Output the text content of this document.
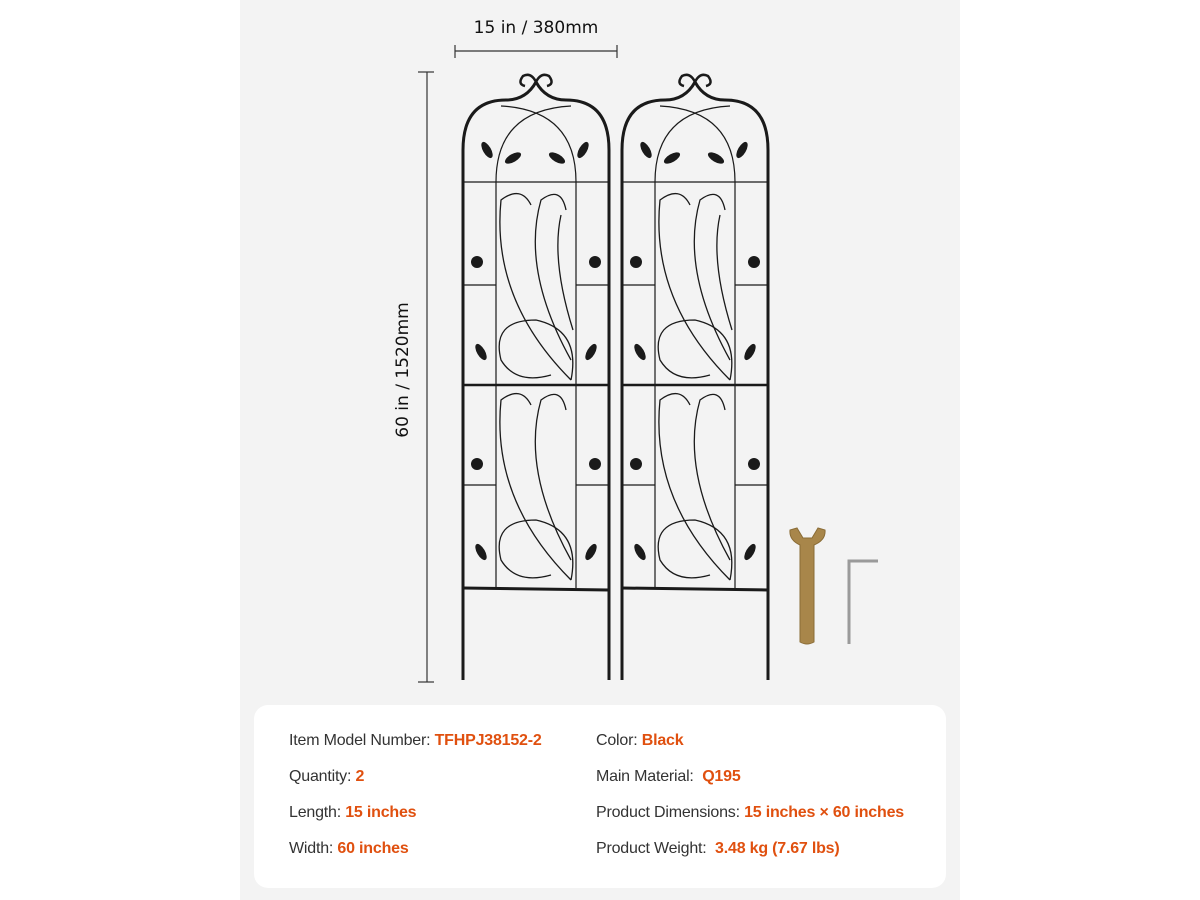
15 in / 380mm
60 in / 1520mm
Item Model Number: TFHPJ38152-2	Color: Black
Quantity: 2	Main Material: Q195
Length: 15 inches	Product Dimensions: 15 inches × 60 inches
Width: 60 inches	Product Weight: 3.48 kg (7.67 lbs)
